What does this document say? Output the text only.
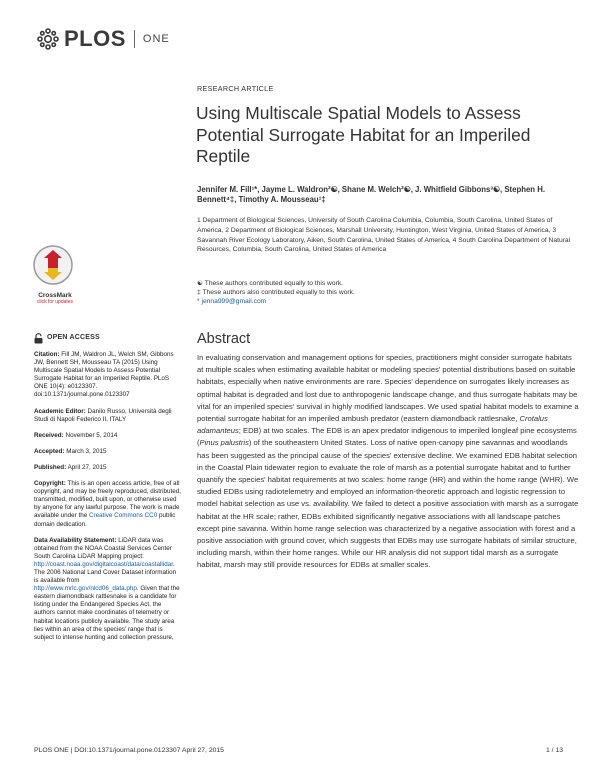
PLOS ONE
CrossMark
click for updates
OPEN ACCESS

Citation: Fill JM, Waldron JL, Welch SM, Gibbons JW, Bennett SH, Mousseau TA (2015) Using Multiscale Spatial Models to Assess Potential Surrogate Habitat for an Imperiled Reptile. PLoS ONE 10(4): e0123307. doi:10.1371/journal.pone.0123307

Academic Editor: Danilo Russo, Università degli Studi di Napoli Federico II, ITALY

Received: November 5, 2014

Accepted: March 3, 2015

Published: April 27, 2015

Copyright: This is an open access article, free of all copyright, and may be freely reproduced, distributed, transmitted, modified, built upon, or otherwise used by anyone for any lawful purpose. The work is made available under the Creative Commons CC0 public domain dedication.

Data Availability Statement: LiDAR data was obtained from the NOAA Coastal Services Center South Carolina LiDAR Mapping project: http://coast.noaa.gov/digitalcoast/data/coastallidar. The 2006 National Land Cover Dataset information is available from http://www.mrlc.gov/nlcd06_data.php. Given that the eastern diamondback rattlesnake is a candidate for listing under the Endangered Species Act, the authors cannot make coordinates of telemetry or habitat locations publicly available. The study area lies within an area of the species' range that is subject to intense hunting and collection pressure,

RESEARCH ARTICLE
Using Multiscale Spatial Models to Assess Potential Surrogate Habitat for an Imperiled Reptile
Jennifer M. Fill¹*, Jayme L. Waldron²☯, Shane M. Welch²☯, J. Whitfield Gibbons³☯, Stephen H. Bennett⁴‡, Timothy A. Mousseau¹‡
1 Department of Biological Sciences, University of South Carolina Columbia, Columbia, South Carolina, United States of America, 2 Department of Biological Sciences, Marshall University, Huntington, West Virginia, United States of America, 3 Savannah River Ecology Laboratory, Aiken, South Carolina, United States of America, 4 South Carolina Department of Natural Resources, Columbia, South Carolina, United States of America
☯ These authors contributed equally to this work.
‡ These authors also contributed equally to this work.
* jenna999@gmail.com
Abstract

In evaluating conservation and management options for species, practitioners might consider surrogate habitats at multiple scales when estimating available habitat or modeling species' potential distributions based on suitable habitats, especially when native environments are rare. Species' dependence on surrogates likely increases as optimal habitat is degraded and lost due to anthropogenic landscape change, and thus surrogate habitats may be vital for an imperiled species' survival in highly modified landscapes. We used spatial habitat models to examine a potential surrogate habitat for an imperiled ambush predator (eastern diamondback rattlesnake, Crotalus adamanteus; EDB) at two scales. The EDB is an apex predator indigenous to imperiled longleaf pine ecosystems (Pinus palustris) of the southeastern United States. Loss of native open-canopy pine savannas and woodlands has been suggested as the principal cause of the species' extensive decline. We examined EDB habitat selection in the Coastal Plain tidewater region to evaluate the role of marsh as a potential surrogate habitat and to further quantify the species' habitat requirements at two scales: home range (HR) and within the home range (WHR). We studied EDBs using radiotelemetry and employed an information-theoretic approach and logistic regression to model habitat selection as use vs. availability. We failed to detect a positive association with marsh as a surrogate habitat at the HR scale; rather, EDBs exhibited significantly negative associations with all landscape patches except pine savanna. Within home range selection was characterized by a negative association with forest and a positive association with ground cover, which suggests that EDBs may use surrogate habitats of similar structure, including marsh, within their home ranges. While our HR analysis did not support tidal marsh as a surrogate habitat, marsh may still provide resources for EDBs at smaller scales.

PLOS ONE | DOI:10.1371/journal.pone.0123307 April 27, 2015	1 / 13
